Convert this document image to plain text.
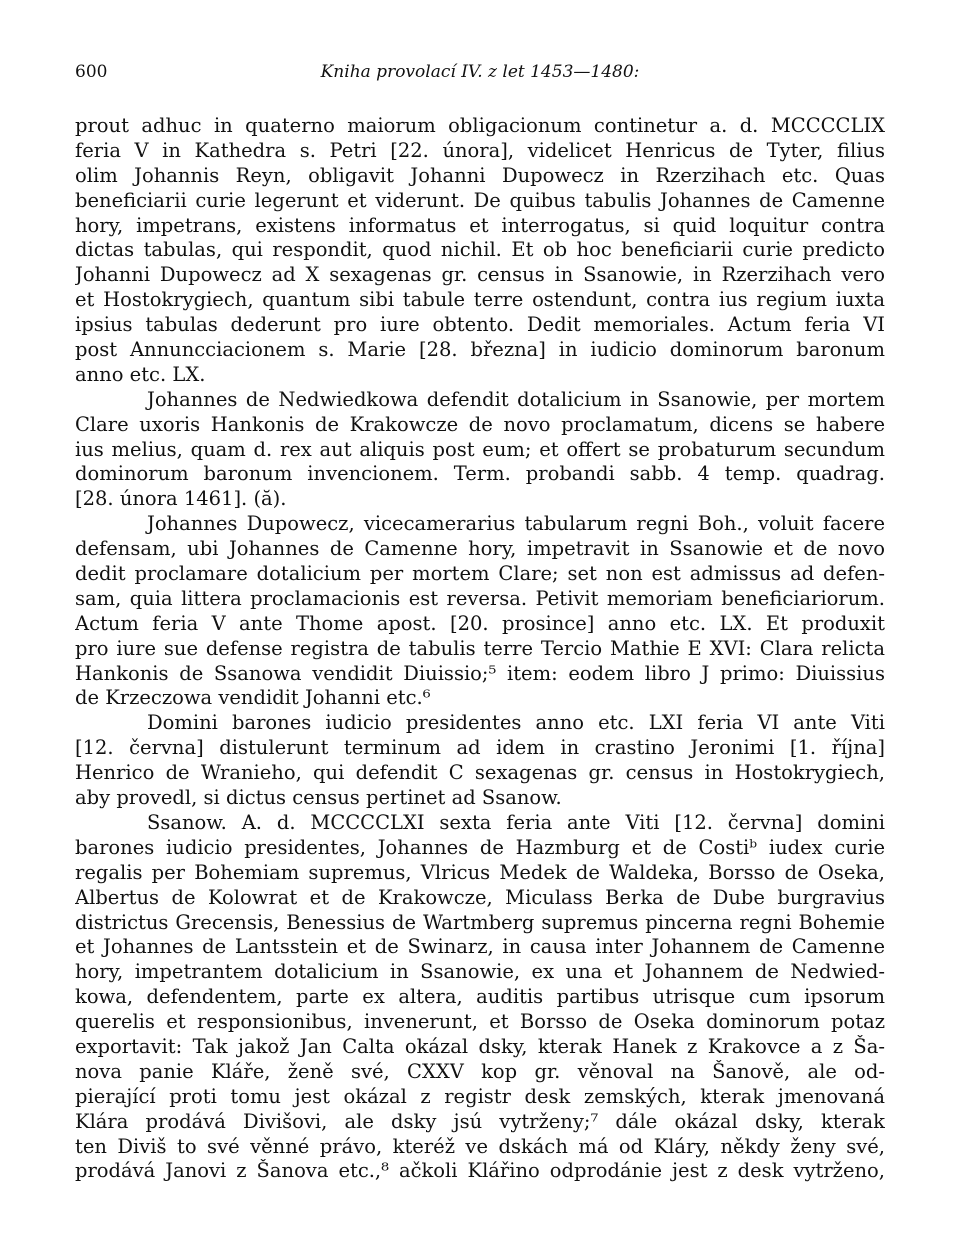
600	Kniha provolací IV. z let 1453—1480:
prout adhuc in quaterno maiorum obligacionum continetur a. d. MCCCCLIX
feria V in Kathedra s. Petri [22. února], videlicet Henricus de Tyter, filius
olim Johannis Reyn, obligavit Johanni Dupowecz in Rzerzihach etc. Quas
beneficiarii curie legerunt et viderunt. De quibus tabulis Johannes de Camenne
hory, impetrans, existens informatus et interrogatus, si quid loquitur contra
dictas tabulas, qui respondit, quod nichil. Et ob hoc beneficiarii curie predicto
Johanni Dupowecz ad X sexagenas gr. census in Ssanowie, in Rzerzihach vero
et Hostokrygiech, quantum sibi tabule terre ostendunt, contra ius regium iuxta
ipsius tabulas dederunt pro iure obtento. Dedit memoriales. Actum feria VI
post Annuncciacionem s. Marie [28. března] in iudicio dominorum baronum
anno etc. LX.
Johannes de Nedwiedkowa defendit dotalicium in Ssanowie, per mortem
Clare uxoris Hankonis de Krakowcze de novo proclamatum, dicens se habere
ius melius, quam d. rex aut aliquis post eum; et offert se probaturum secundum
dominorum baronum invencionem. Term. probandi sabb. 4 temp. quadrag.
[28. února 1461]. (ă).
Johannes Dupowecz, vicecamerarius tabularum regni Boh., voluit facere
defensam, ubi Johannes de Camenne hory, impetravit in Ssanowie et de novo
dedit proclamare dotalicium per mortem Clare; set non est admissus ad defen-
sam, quia littera proclamacionis est reversa. Petivit memoriam beneficiariorum.
Actum feria V ante Thome apost. [20. prosince] anno etc. LX. Et produxit
pro iure sue defense registra de tabulis terre Tercio Mathie E XVI: Clara relicta
Hankonis de Ssanowa vendidit Diuissio;⁵ item: eodem libro J primo: Diuissius
de Krzeczowa vendidit Johanni etc.⁶
Domini barones iudicio presidentes anno etc. LXI feria VI ante Viti
[12. června] distulerunt terminum ad idem in crastino Jeronimi [1. října]
Henrico de Wranieho, qui defendit C sexagenas gr. census in Hostokrygiech,
aby provedl, si dictus census pertinet ad Ssanow.
Ssanow. A. d. MCCCCLXI sexta feria ante Viti [12. června] domini
barones iudicio presidentes, Johannes de Hazmburg et de Costiᵇ iudex curie
regalis per Bohemiam supremus, Vlricus Medek de Waldeka, Borsso de Oseka,
Albertus de Kolowrat et de Krakowcze, Miculass Berka de Dube burgravius
districtus Grecensis, Benessius de Wartmberg supremus pincerna regni Bohemie
et Johannes de Lantsstein et de Swinarz, in causa inter Johannem de Camenne
hory, impetrantem dotalicium in Ssanowie, ex una et Johannem de Nedwied-
kowa, defendentem, parte ex altera, auditis partibus utrisque cum ipsorum
querelis et responsionibus, invenerunt, et Borsso de Oseka dominorum potaz
exportavit: Tak jakož Jan Calta okázal dsky, kterak Hanek z Krakovce a z Ša-
nova panie Kláře, ženě své, CXXV kop gr. věnoval na Šanově, ale od-
pierající proti tomu jest okázal z registr desk zemských, kterak jmenovaná
Klára prodává Divišovi, ale dsky jsú vytrženy;⁷ dále okázal dsky, kterak
ten Diviš to své věnné právo, kteréž ve dskách má od Kláry, někdy ženy své,
prodává Janovi z Šanova etc.,⁸ ačkoli Klářino odprodánie jest z desk vytrženo,
